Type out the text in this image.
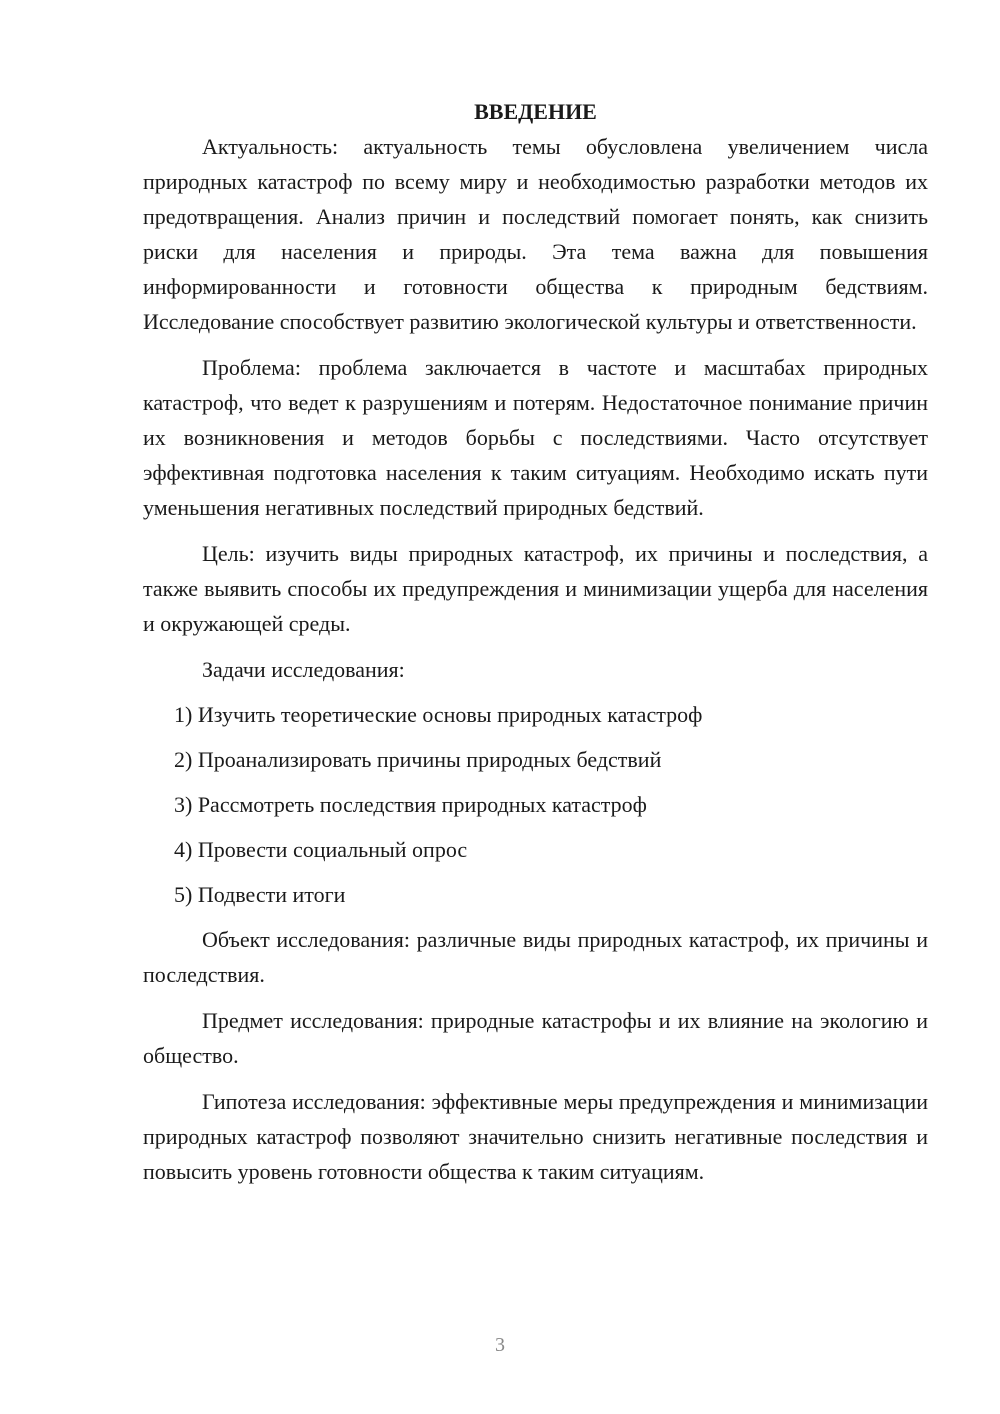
ВВЕДЕНИЕ

Актуальность: актуальность темы обусловлена увеличением числа природных катастроф по всему миру и необходимостью разработки методов их предотвращения. Анализ причин и последствий помогает понять, как снизить риски для населения и природы. Эта тема важна для повышения информированности и готовности общества к природным бедствиям. Исследование способствует развитию экологической культуры и ответственности.

Проблема: проблема заключается в частоте и масштабах природных катастроф, что ведет к разрушениям и потерям. Недостаточное понимание причин их возникновения и методов борьбы с последствиями. Часто отсутствует эффективная подготовка населения к таким ситуациям. Необходимо искать пути уменьшения негативных последствий природных бедствий.

Цель: изучить виды природных катастроф, их причины и последствия, а также выявить способы их предупреждения и минимизации ущерба для населения и окружающей среды.

Задачи исследования:

1) Изучить теоретические основы природных катастроф

2) Проанализировать причины природных бедствий

3) Рассмотреть последствия природных катастроф

4) Провести социальный опрос

5) Подвести итоги

Объект исследования: различные виды природных катастроф, их причины и последствия.

Предмет исследования: природные катастрофы и их влияние на экологию и общество.

Гипотеза исследования: эффективные меры предупреждения и минимизации природных катастроф позволяют значительно снизить негативные последствия и повысить уровень готовности общества к таким ситуациям.

3
